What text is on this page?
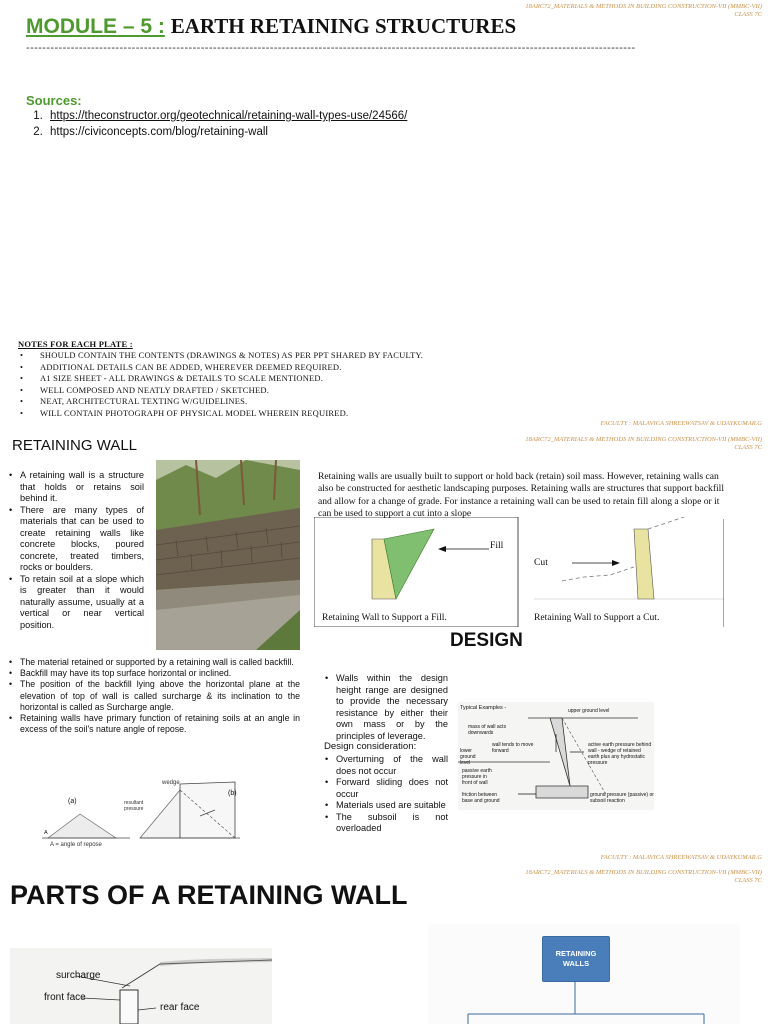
18ARC72_MATERIALS & METHODS IN BUILDING CONSTRUCTION-VII (MMBC-VII)
CLASS 7C
MODULE – 5 : EARTH RETAINING STRUCTURES
------------------------------------------------------------------------------------------------------------------------------------------------------
Sources:
1. https://theconstructor.org/geotechnical/retaining-wall-types-use/24566/
2. https://civiconcepts.com/blog/retaining-wall
NOTES FOR EACH PLATE :
• SHOULD CONTAIN THE CONTENTS (DRAWINGS & NOTES) AS PER PPT SHARED BY FACULTY.
• ADDITIONAL DETAILS CAN BE ADDED, WHEREVER DEEMED REQUIRED.
• A1 SIZE SHEET - ALL DRAWINGS & DETAILS TO SCALE MENTIONED.
• WELL COMPOSED AND NEATLY DRAFTED / SKETCHED.
• NEAT, ARCHITECTURAL TEXTING W/GUIDELINES.
• WILL CONTAIN PHOTOGRAPH OF PHYSICAL MODEL WHEREIN REQUIRED.
FACULTY : MALAVICA SHREEWATSAV & UDAYKUMAR.G
18ARC72_MATERIALS & METHODS IN BUILDING CONSTRUCTION-VII (MMBC-VII)
CLASS 7C
RETAINING WALL
• A retaining wall is a structure that holds or retains soil behind it.
• There are many types of materials that can be used to create retaining walls like concrete blocks, poured concrete, treated timbers, rocks or boulders.
• To retain soil at a slope which is greater than it would naturally assume, usually at a vertical or near vertical position.
Retaining walls are usually built to support or hold back (retain) soil mass. However, retaining walls can also be constructed for aesthetic landscaping purposes. Retaining walls are structures that support backfill and allow for a change of grade. For instance a retaining wall can be used to retain fill along a slope or it can be used to support a cut into a slope
Fill
Cut
Retaining Wall to Support a Fill.	Retaining Wall to Support a Cut.
• The material retained or supported by a retaining wall is called backfill.
• Backfill may have its top surface horizontal or inclined.
• The position of the backfill lying above the horizontal plane at the elevation of top of wall is called surcharge & its inclination to the horizontal is called as Surcharge angle.
• Retaining walls have primary function of retaining soils at an angle in excess of the soil's nature angle of repose.
(a)
(b)
wedge
resultant pressure
A
A = angle of repose
DESIGN
• Walls within the design height range are designed to provide the necessary resistance by either their own mass or by the principles of leverage.
Design consideration:
• Overturning of the wall does not occur
• Forward sliding does not occur
• Materials used are suitable
• The subsoil is not overloaded
Typical Examples -	upper ground level
mass of wall acts downwards
wall tends to move forward
lower ground level
active earth pressure behind wall - wedge of retained earth plus any hydrostatic pressure
passive earth pressure in front of wall
friction between base and ground
ground pressure (passive) or subsoil reaction
FACULTY : MALAVICA SHREEWATSAV & UDAYKUMAR.G
18ARC72_MATERIALS & METHODS IN BUILDING CONSTRUCTION-VII (MMBC-VII)
CLASS 7C
PARTS OF A RETAINING WALL
surcharge
front face
rear face
RETAINING WALLS
